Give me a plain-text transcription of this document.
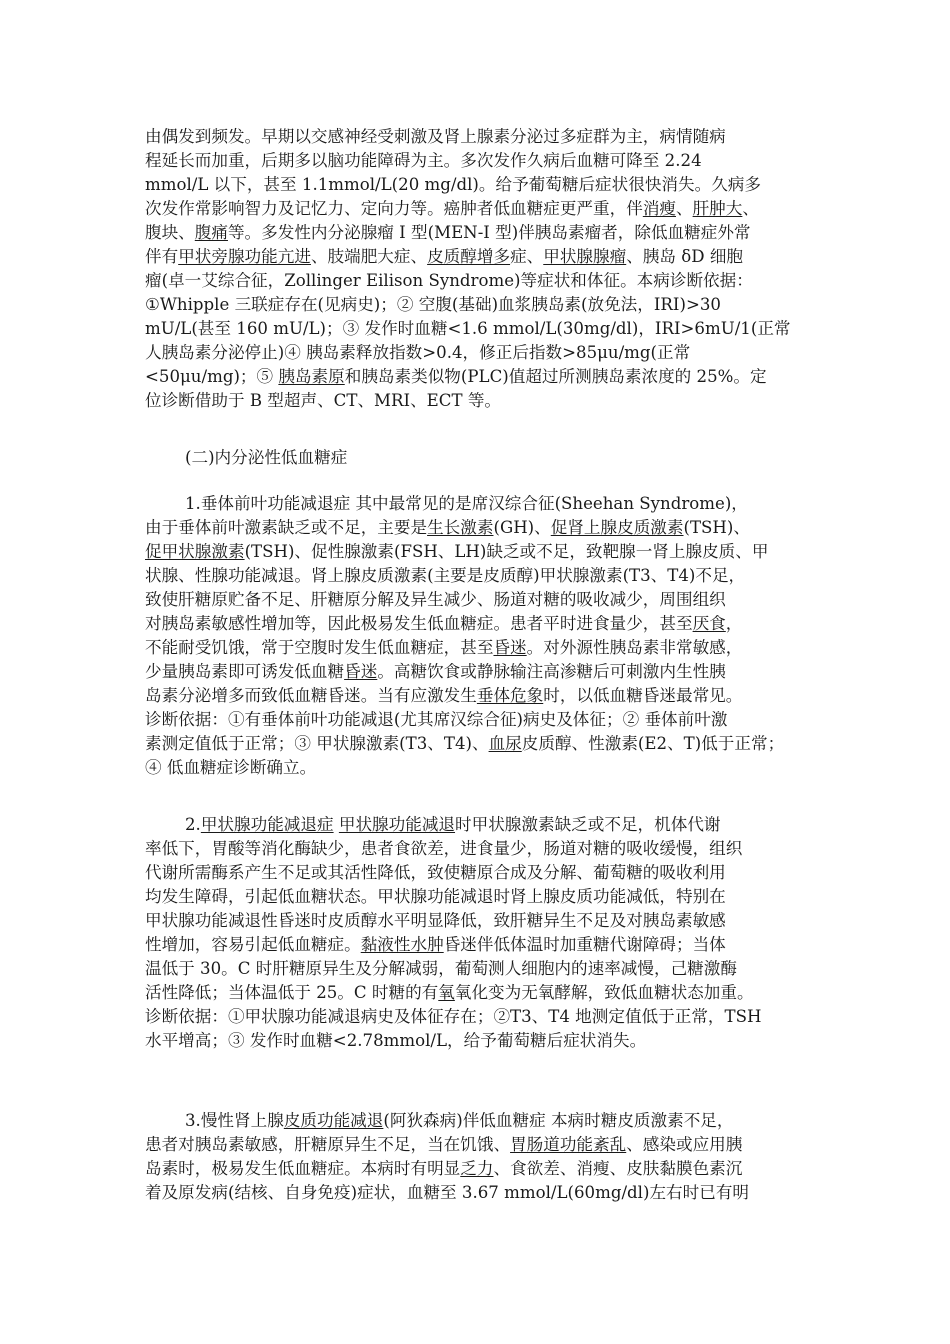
由偶发到频发。早期以交感神经受刺激及肾上腺素分泌过多症群为主，病情随病
程延长而加重，后期多以脑功能障碍为主。多次发作久病后血糖可降至 2.24
mmol/L 以下，甚至 1.1mmol/L(20 mg/dl)。给予葡萄糖后症状很快消失。久病多
次发作常影响智力及记忆力、定向力等。癌肿者低血糖症更严重，伴消瘦、肝肿大、
腹块、腹痛等。多发性内分泌腺瘤 I 型(MEN-I 型)伴胰岛素瘤者，除低血糖症外常
伴有甲状旁腺功能亢进、肢端肥大症、皮质醇增多症、甲状腺腺瘤、胰岛 δD 细胞
瘤(卓一艾综合征，Zollinger Eilison Syndrome)等症状和体征。本病诊断依据：
①Whipple 三联症存在(见病史)；② 空腹(基础)血浆胰岛素(放免法，IRI)>30
mU/L(甚至 160 mU/L)；③ 发作时血糖<1.6 mmol/L(30mg/dl)，IRI>6mU/1(正常
人胰岛素分泌停止)④ 胰岛素释放指数>0.4，修正后指数>85μu/mg(正常
<50μu/mg)；⑤ 胰岛素原和胰岛素类似物(PLC)值超过所测胰岛素浓度的 25%。定
位诊断借助于 B 型超声、CT、MRI、ECT 等。
(二)内分泌性低血糖症
1.垂体前叶功能减退症 其中最常见的是席汉综合征(Sheehan Syndrome)，
由于垂体前叶激素缺乏或不足，主要是生长激素(GH)、促肾上腺皮质激素(TSH)、
促甲状腺激素(TSH)、促性腺激素(FSH、LH)缺乏或不足，致靶腺一肾上腺皮质、甲
状腺、性腺功能减退。肾上腺皮质激素(主要是皮质醇)甲状腺激素(T3、T4)不足，
致使肝糖原贮备不足、肝糖原分解及异生减少、肠道对糖的吸收减少，周围组织
对胰岛素敏感性增加等，因此极易发生低血糖症。患者平时进食量少，甚至厌食，
不能耐受饥饿，常于空腹时发生低血糖症，甚至昏迷。对外源性胰岛素非常敏感，
少量胰岛素即可诱发低血糖昏迷。高糖饮食或静脉输注高渗糖后可刺激内生性胰
岛素分泌增多而致低血糖昏迷。当有应激发生垂体危象时，以低血糖昏迷最常见。
诊断依据：①有垂体前叶功能减退(尤其席汉综合征)病史及体征；② 垂体前叶激
素测定值低于正常；③ 甲状腺激素(T3、T4)、血尿皮质醇、性激素(E2、T)低于正常；
④ 低血糖症诊断确立。
2.甲状腺功能减退症 甲状腺功能减退时甲状腺激素缺乏或不足，机体代谢
率低下，胃酸等消化酶缺少，患者食欲差，进食量少，肠道对糖的吸收缓慢，组织
代谢所需酶系产生不足或其活性降低，致使糖原合成及分解、葡萄糖的吸收利用
均发生障碍，引起低血糖状态。甲状腺功能减退时肾上腺皮质功能减低，特别在
甲状腺功能减退性昏迷时皮质醇水平明显降低，致肝糖异生不足及对胰岛素敏感
性增加，容易引起低血糖症。黏液性水肿昏迷伴低体温时加重糖代谢障碍；当体
温低于 30。C 时肝糖原异生及分解减弱，葡萄测人细胞内的速率减慢，己糖激酶
活性降低；当体温低于 25。C 时糖的有氧氧化变为无氧酵解，致低血糖状态加重。
诊断依据：①甲状腺功能减退病史及体征存在；②T3、T4 地测定值低于正常，TSH
水平增高；③ 发作时血糖<2.78mmol/L，给予葡萄糖后症状消失。
3.慢性肾上腺皮质功能减退(阿狄森病)伴低血糖症 本病时糖皮质激素不足，
患者对胰岛素敏感，肝糖原异生不足，当在饥饿、胃肠道功能紊乱、感染或应用胰
岛素时，极易发生低血糖症。本病时有明显乏力、食欲差、消瘦、皮肤黏膜色素沉
着及原发病(结核、自身免疫)症状，血糖至 3.67 mmol/L(60mg/dl)左右时已有明
